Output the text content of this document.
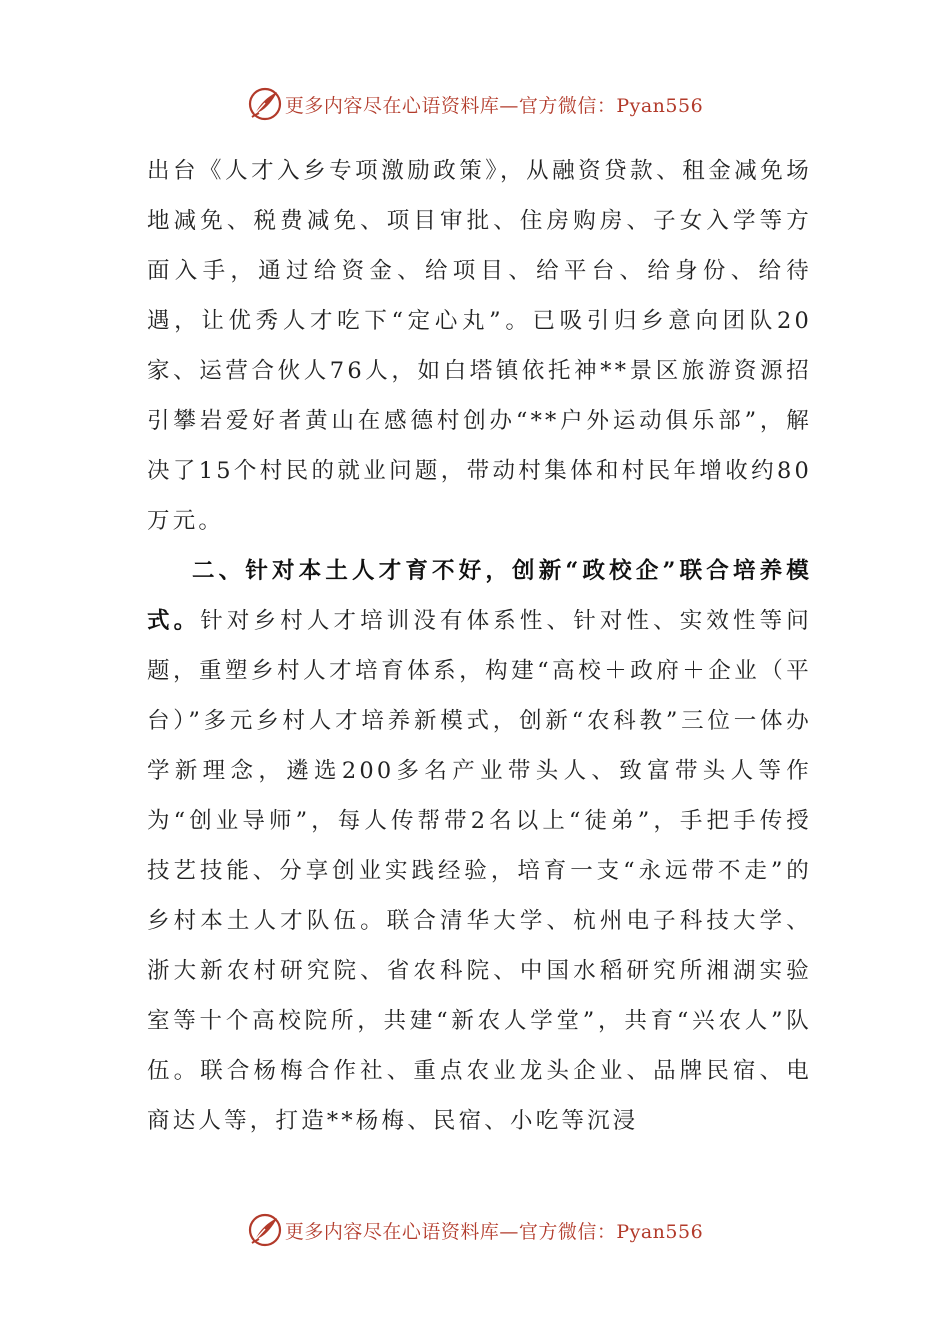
更多内容尽在心语资料库—官方微信：Pyan556

出台《人才入乡专项激励政策》，从融资贷款、租金减免场地减免、税费减免、项目审批、住房购房、子女入学等方面入手，通过给资金、给项目、给平台、给身份、给待遇，让优秀人才吃下“定心丸”。已吸引归乡意向团队20家、运营合伙人76人，如白塔镇依托神**景区旅游资源招引攀岩爱好者黄山在感德村创办“**户外运动俱乐部”，解决了15个村民的就业问题，带动村集体和村民年增收约80万元。

二、针对本土人才育不好，创新“政校企”联合培养模式。针对乡村人才培训没有体系性、针对性、实效性等问题，重塑乡村人才培育体系，构建“高校＋政府＋企业（平台）”多元乡村人才培养新模式，创新“农科教”三位一体办学新理念，遴选200多名产业带头人、致富带头人等作为“创业导师”，每人传帮带2名以上“徒弟”，手把手传授技艺技能、分享创业实践经验，培育一支“永远带不走”的乡村本土人才队伍。联合清华大学、杭州电子科技大学、浙大新农村研究院、省农科院、中国水稻研究所湘湖实验室等十个高校院所，共建“新农人学堂”，共育“兴农人”队伍。联合杨梅合作社、重点农业龙头企业、品牌民宿、电商达人等，打造**杨梅、民宿、小吃等沉浸

更多内容尽在心语资料库—官方微信：Pyan556
